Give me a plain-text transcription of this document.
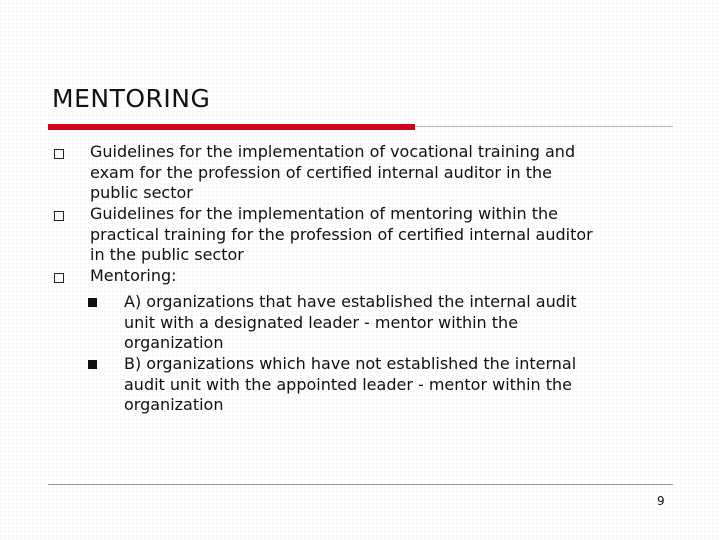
MENTORING
Guidelines for the implementation of vocational training and
exam for the profession of certified internal auditor in the
public sector
Guidelines for the implementation of mentoring within the
practical training for the profession of certified internal auditor
in the public sector
Mentoring:
A) organizations that have established the internal audit
unit with a designated leader - mentor within the
organization
B) organizations which have not established the internal
audit unit with the appointed leader - mentor within the
organization
9
